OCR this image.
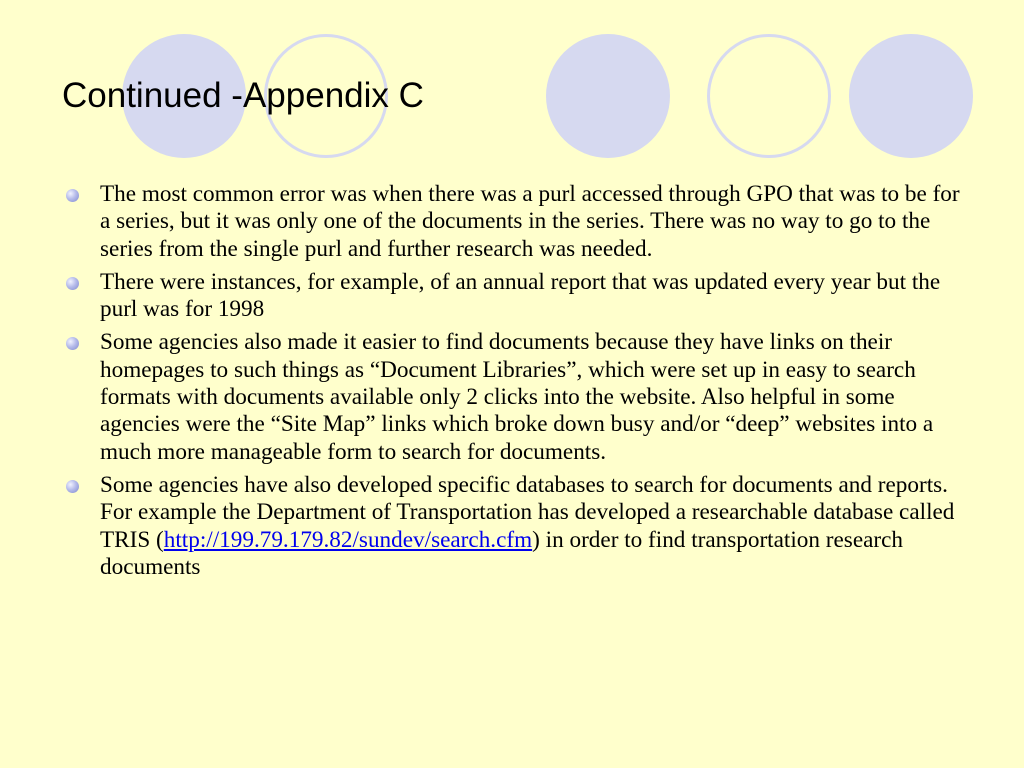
Continued -Appendix C
The most common error was when there was a purl accessed through GPO that was to be for a series, but it was only one of the documents in the series. There was no way to go to the series from the single purl and further research was needed.
There were instances, for example, of an annual report that was updated every year but the purl was for 1998
Some agencies also made it easier to find documents because they have links on their homepages to such things as “Document Libraries”, which were set up in easy to search formats with documents available only 2 clicks into the website. Also helpful in some agencies were the “Site Map” links which broke down busy and/or “deep” websites into a much more manageable form to search for documents.
Some agencies have also developed specific databases to search for documents and reports. For example the Department of Transportation has developed a researchable database called TRIS (http://199.79.179.82/sundev/search.cfm) in order to find transportation research documents
